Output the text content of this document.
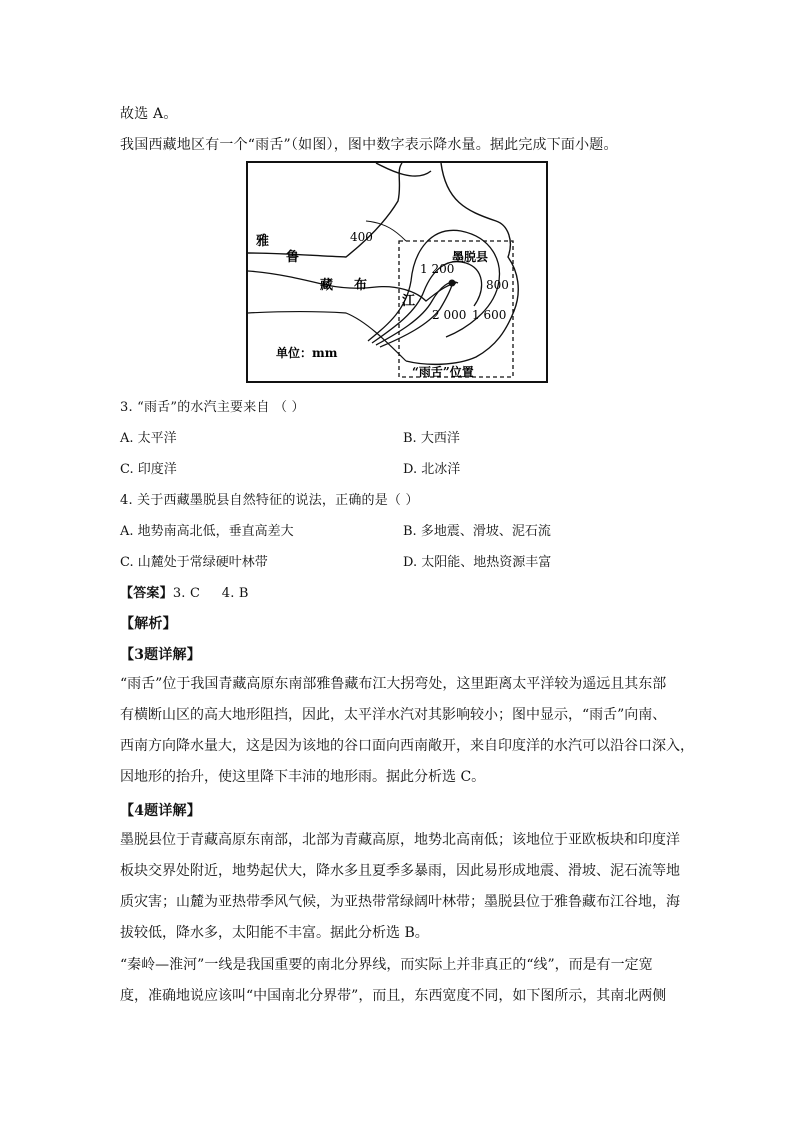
故选 A。
我国西藏地区有一个“雨舌”（如图），图中数字表示降水量。据此完成下面小题。
400
1 200
墨脱县
800
2 000 1 600
雅
鲁
藏 布
江
单位：mm
“雨舌”位置
3. “雨舌”的水汽主要来自 （ ）
A. 太平洋	B. 大西洋
C. 印度洋	D. 北冰洋
4. 关于西藏墨脱县自然特征的说法，正确的是（ ）
A. 地势南高北低，垂直高差大	B. 多地震、滑坡、泥石流
C. 山麓处于常绿硬叶林带	D. 太阳能、地热资源丰富
【答案】3. C     4. B
【解析】
【3题详解】
“雨舌”位于我国青藏高原东南部雅鲁藏布江大拐弯处，这里距离太平洋较为遥远且其东部
有横断山区的高大地形阻挡，因此，太平洋水汽对其影响较小；图中显示，“雨舌”向南、
西南方向降水量大，这是因为该地的谷口面向西南敞开，来自印度洋的水汽可以沿谷口深入，
因地形的抬升，使这里降下丰沛的地形雨。据此分析选 C。
【4题详解】
墨脱县位于青藏高原东南部，北部为青藏高原，地势北高南低；该地位于亚欧板块和印度洋
板块交界处附近，地势起伏大，降水多且夏季多暴雨，因此易形成地震、滑坡、泥石流等地
质灾害；山麓为亚热带季风气候，为亚热带常绿阔叶林带；墨脱县位于雅鲁藏布江谷地，海
拔较低，降水多，太阳能不丰富。据此分析选 B。
“秦岭—淮河”一线是我国重要的南北分界线，而实际上并非真正的“线”，而是有一定宽
度，准确地说应该叫“中国南北分界带”，而且，东西宽度不同，如下图所示，其南北两侧
